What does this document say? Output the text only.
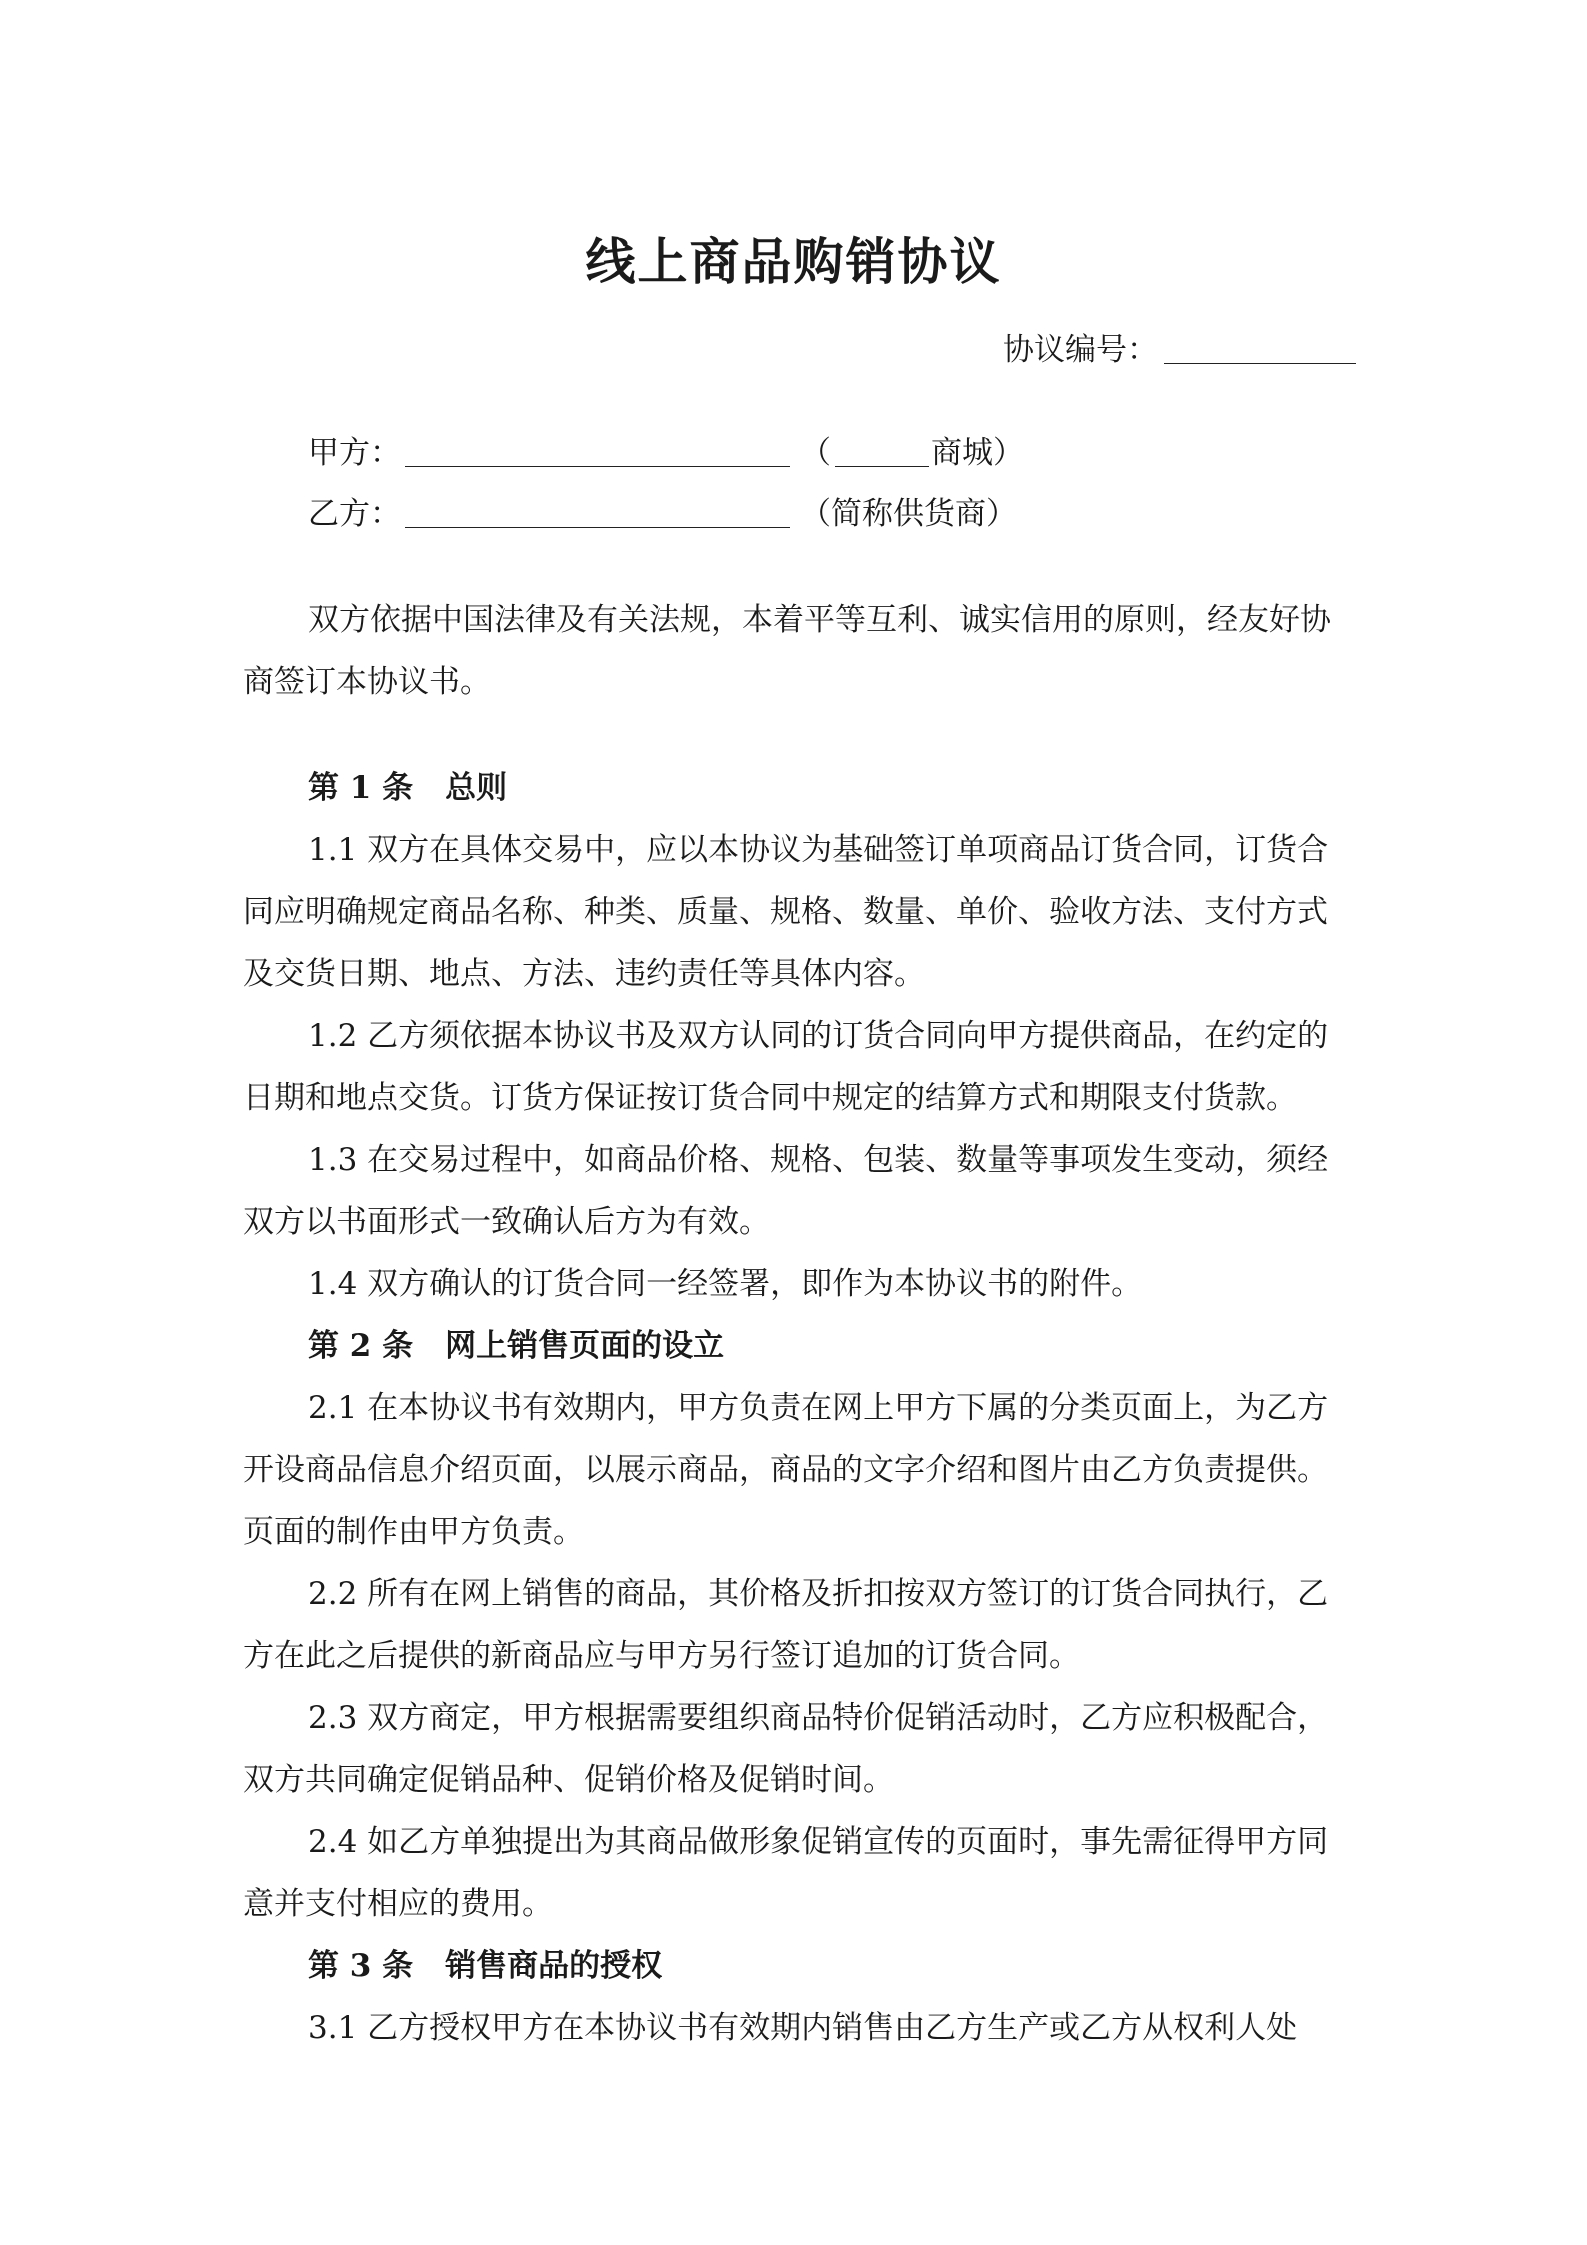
线上商品购销协议
协议编号：
甲方：	（	商城）
乙方：	（简称供货商）
双方依据中国法律及有关法规，本着平等互利、诚实信用的原则，经友好协
商签订本协议书。
第 1 条 总则
1.1 双方在具体交易中，应以本协议为基础签订单项商品订货合同，订货合
同应明确规定商品名称、种类、质量、规格、数量、单价、验收方法、支付方式
及交货日期、地点、方法、违约责任等具体内容。
1.2 乙方须依据本协议书及双方认同的订货合同向甲方提供商品，在约定的
日期和地点交货。订货方保证按订货合同中规定的结算方式和期限支付货款。
1.3 在交易过程中，如商品价格、规格、包装、数量等事项发生变动，须经
双方以书面形式一致确认后方为有效。
1.4 双方确认的订货合同一经签署，即作为本协议书的附件。
第 2 条 网上销售页面的设立
2.1 在本协议书有效期内，甲方负责在网上甲方下属的分类页面上，为乙方
开设商品信息介绍页面，以展示商品，商品的文字介绍和图片由乙方负责提供。
页面的制作由甲方负责。
2.2 所有在网上销售的商品，其价格及折扣按双方签订的订货合同执行，乙
方在此之后提供的新商品应与甲方另行签订追加的订货合同。
2.3 双方商定，甲方根据需要组织商品特价促销活动时，乙方应积极配合，
双方共同确定促销品种、促销价格及促销时间。
2.4 如乙方单独提出为其商品做形象促销宣传的页面时，事先需征得甲方同
意并支付相应的费用。
第 3 条 销售商品的授权
3.1 乙方授权甲方在本协议书有效期内销售由乙方生产或乙方从权利人处
